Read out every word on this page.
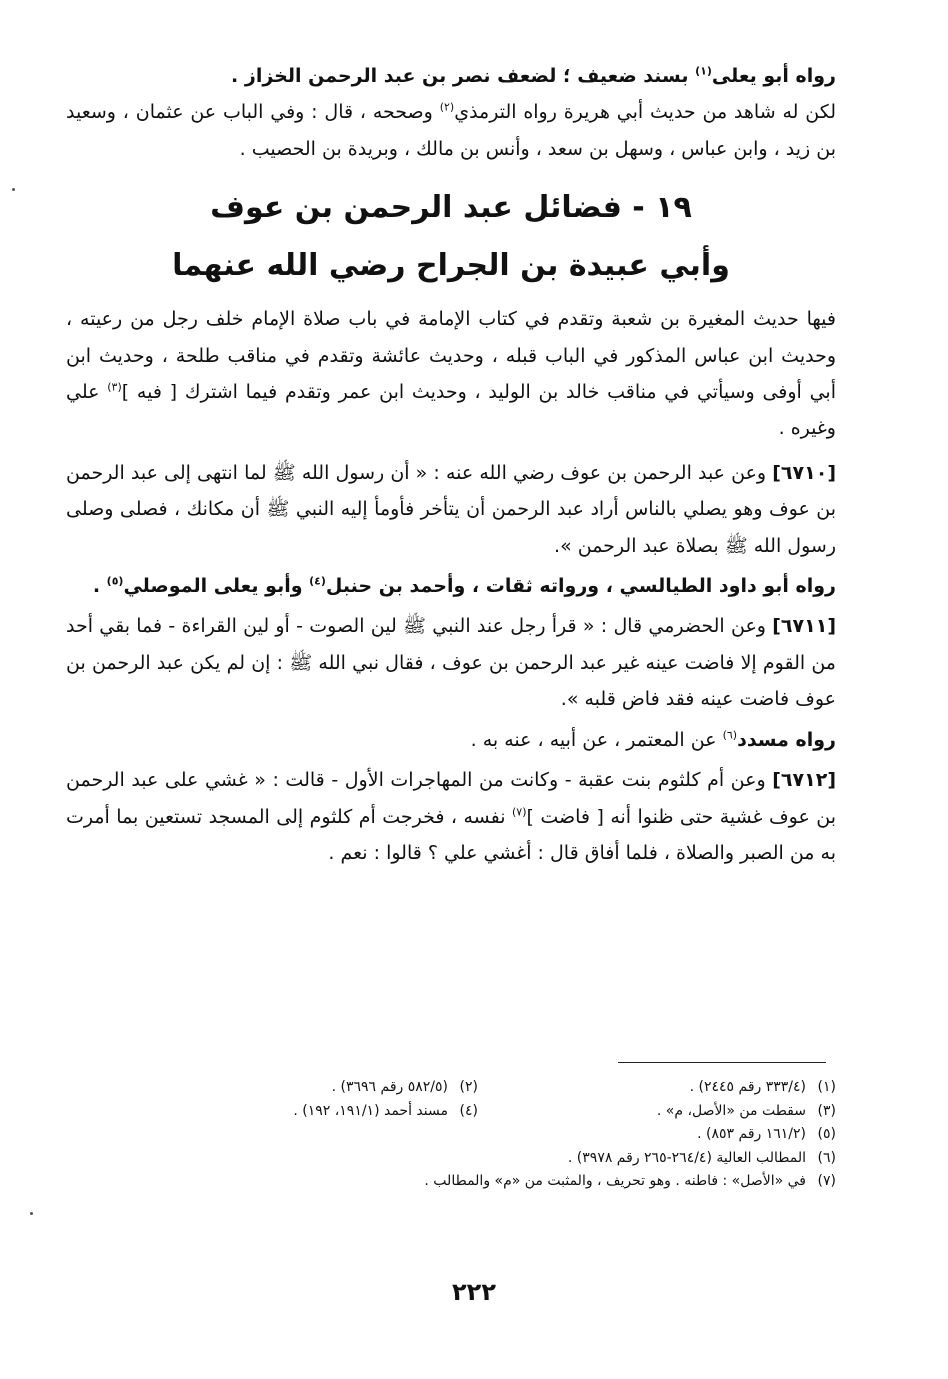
رواه أبو يعلى$^{(١)}$ بسند ضعيف ؛ لضعف نصر بن عبد الرحمن الخزاز .

لكن له شاهد من حديث أبي هريرة رواه الترمذي$^{(٢)}$ وصححه ، قال : وفي الباب عن عثمان ، وسعيد بن زيد ، وابن عباس ، وسهل بن سعد ، وأنس بن مالك ، وبريدة بن الحصيب .

١٩ - فضائل عبد الرحمن بن عوف

وأبي عبيدة بن الجراح رضي الله عنهما

فيها حديث المغيرة بن شعبة وتقدم في كتاب الإمامة في باب صلاة الإمام خلف رجل من رعيته ، وحديث ابن عباس المذكور في الباب قبله ، وحديث عائشة وتقدم في مناقب طلحة ، وحديث ابن أبي أوفى وسيأتي في مناقب خالد بن الوليد ، وحديث ابن عمر وتقدم فيما اشترك [ فيه ]$^{(٣)}$ علي وغيره .

[٦٧١٠] وعن عبد الرحمن بن عوف رضي الله عنه : « أن رسول الله ﷺ لما انتهى إلى عبد الرحمن بن عوف وهو يصلي بالناس أراد عبد الرحمن أن يتأخر فأومأ إليه النبي ﷺ أن مكانك ، فصلى وصلى رسول الله ﷺ بصلاة عبد الرحمن ».

رواه أبو داود الطيالسي ، ورواته ثقات ، وأحمد بن حنبل$^{(٤)}$ وأبو يعلى الموصلي$^{(٥)}$ .

[٦٧١١] وعن الحضرمي قال : « قرأ رجل عند النبي ﷺ لين الصوت - أو لين القراءة - فما بقي أحد من القوم إلا فاضت عينه غير عبد الرحمن بن عوف ، فقال نبي الله ﷺ : إن لم يكن عبد الرحمن بن عوف فاضت عينه فقد فاض قلبه ».

رواه مسدد$^{(٦)}$ عن المعتمر ، عن أبيه ، عنه به .

[٦٧١٢] وعن أم كلثوم بنت عقبة - وكانت من المهاجرات الأول - قالت : « غشي على عبد الرحمن بن عوف غشية حتى ظنوا أنه [ فاضت ]$^{(٧)}$ نفسه ، فخرجت أم كلثوم إلى المسجد تستعين بما أمرت به من الصبر والصلاة ، فلما أفاق قال : أغشي علي ؟ قالوا : نعم .

(١)(٣٣٣/٤ رقم ٢٤٤٥) .
(٢)(٥٨٢/٥ رقم ٣٦٩٦) .
(٣)سقطت من «الأصل، م» .
(٤)مسند أحمد (١٩١/١، ١٩٢) .
(٥)(١٦١/٢ رقم ٨٥٣) .
(٦)المطالب العالية (٢٦٤/٤-٢٦٥ رقم ٣٩٧٨) .
(٧)في «الأصل» : فاطنه . وهو تحريف ، والمثبت من «م» والمطالب .
٢٢٢
